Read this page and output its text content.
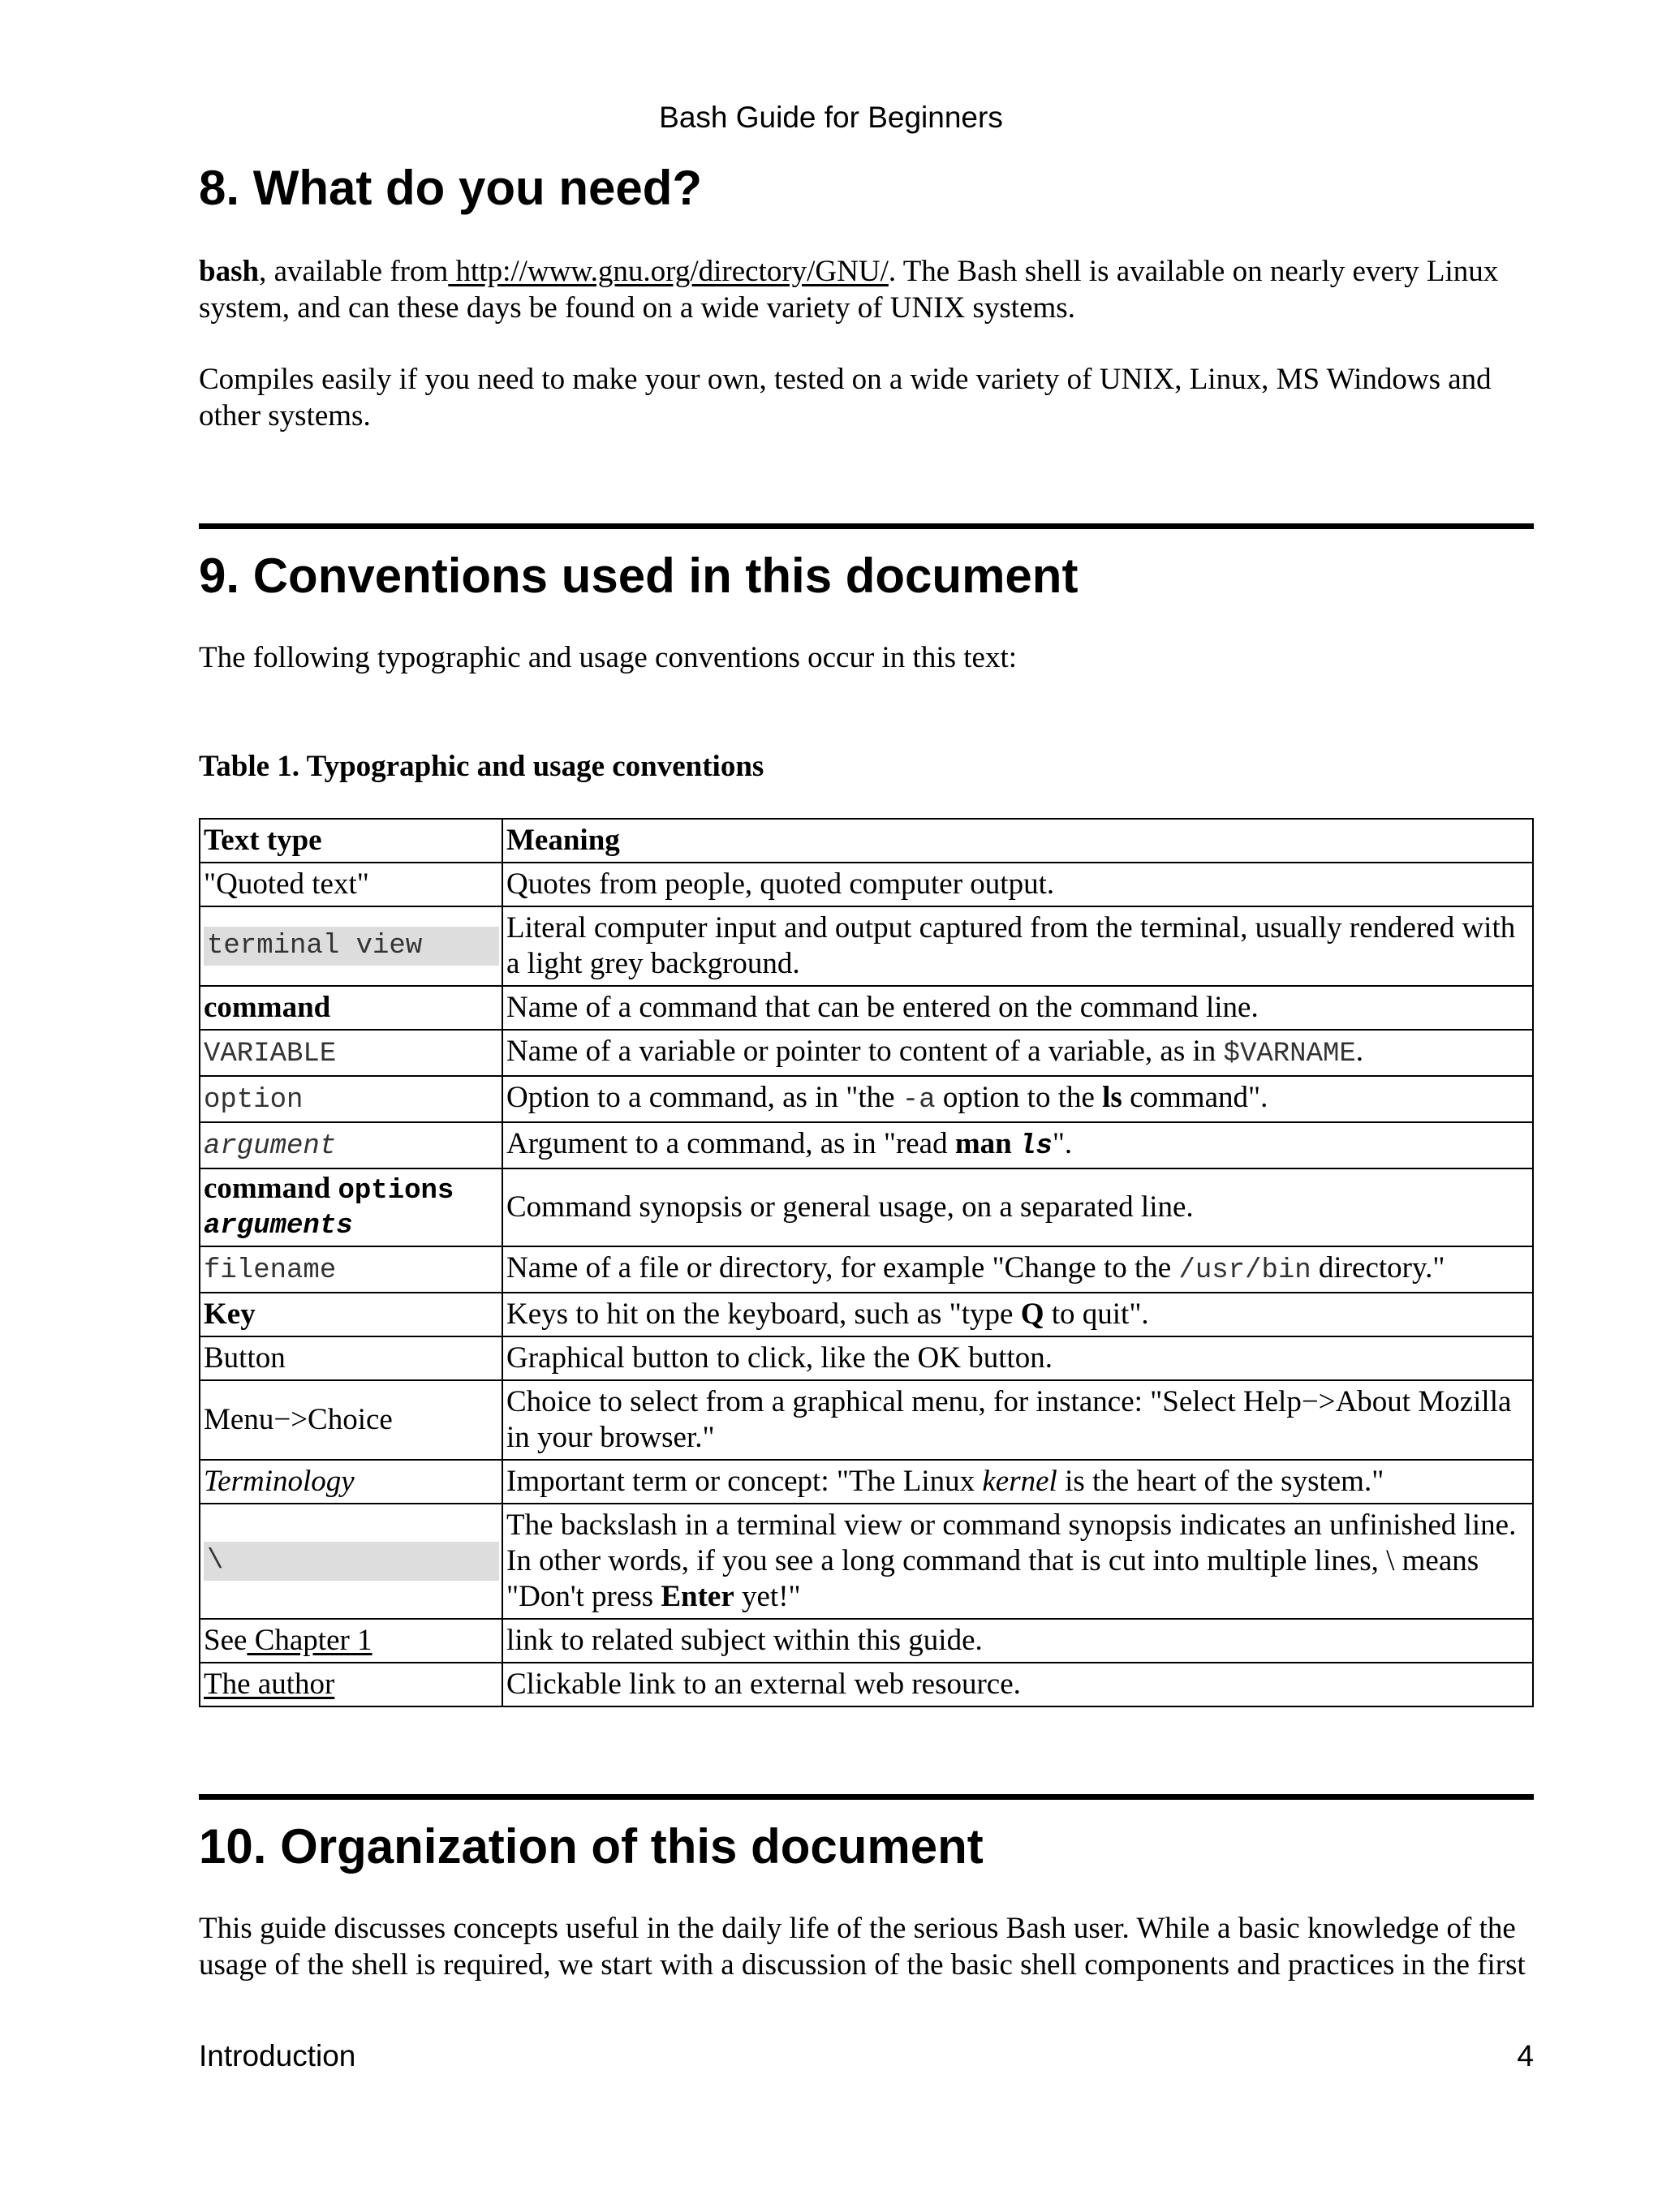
Bash Guide for Beginners
8. What do you need?

bash, available from http://www.gnu.org/directory/GNU/. The Bash shell is available on nearly every Linux system, and can these days be found on a wide variety of UNIX systems.

Compiles easily if you need to make your own, tested on a wide variety of UNIX, Linux, MS Windows and other systems.

9. Conventions used in this document

The following typographic and usage conventions occur in this text:

Table 1. Typographic and usage conventions

Text type	Meaning
"Quoted text"	Quotes from people, quoted computer output.

terminal view	Literal computer input and output captured from the terminal, usually rendered with a light grey background.
command	Name of a command that can be entered on the command line.
VARIABLE	Name of a variable or pointer to content of a variable, as in $VARNAME.
option	Option to a command, as in "the -a option to the ls command".
argument	Argument to a command, as in "read man ls".
command options
arguments	Command synopsis or general usage, on a separated line.
filename	Name of a file or directory, for example "Change to the /usr/bin directory."
Key	Keys to hit on the keyboard, such as "type Q to quit".
Button	Graphical button to click, like the OK button.
Menu−>Choice	Choice to select from a graphical menu, for instance: "Select Help−>About Mozilla in your browser."
Terminology	Important term or concept: "The Linux kernel is the heart of the system."

\	The backslash in a terminal view or command synopsis indicates an unfinished line. In other words, if you see a long command that is cut into multiple lines, \ means "Don't press Enter yet!"
See Chapter 1	link to related subject within this guide.
The author	Clickable link to an external web resource.
10. Organization of this document

This guide discusses concepts useful in the daily life of the serious Bash user. While a basic knowledge of the usage of the shell is required, we start with a discussion of the basic shell components and practices in the first

Introduction	4
